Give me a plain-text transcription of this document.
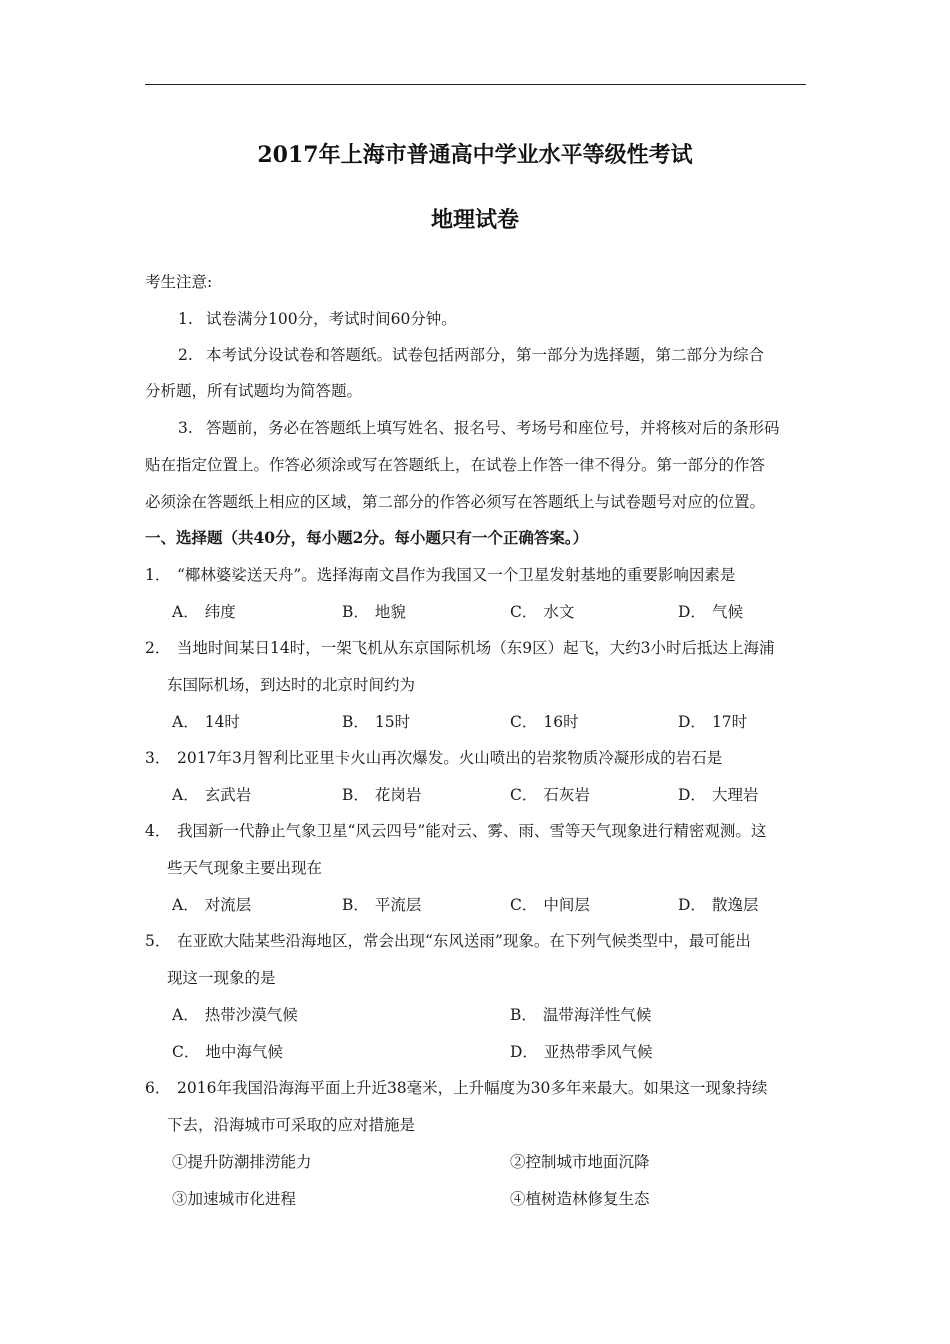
2017年上海市普通高中学业水平等级性考试
地理试卷
考生注意:
1. 试卷满分100分，考试时间60分钟。
2. 本考试分设试卷和答题纸。试卷包括两部分，第一部分为选择题，第二部分为综合
分析题，所有试题均为简答题。
3. 答题前，务必在答题纸上填写姓名、报名号、考场号和座位号，并将核对后的条形码
贴在指定位置上。作答必须涂或写在答题纸上，在试卷上作答一律不得分。第一部分的作答
必须涂在答题纸上相应的区域，第二部分的作答必须写在答题纸上与试卷题号对应的位置。
一、选择题（共40分，每小题2分。每小题只有一个正确答案。）
1． “椰林婆娑送天舟”。选择海南文昌作为我国又一个卫星发射基地的重要影响因素是
A． 纬度	B． 地貌	C． 水文	D． 气候
2． 当地时间某日14时，一架飞机从东京国际机场（东9区）起飞，大约3小时后抵达上海浦
东国际机场，到达时的北京时间约为
A． 14时	B． 15时	C． 16时	D． 17时
3． 2017年3月智利比亚里卡火山再次爆发。火山喷出的岩浆物质冷凝形成的岩石是
A． 玄武岩	B． 花岗岩	C． 石灰岩	D． 大理岩
4． 我国新一代静止气象卫星“风云四号”能对云、雾、雨、雪等天气现象进行精密观测。这
些天气现象主要出现在
A． 对流层	B． 平流层	C． 中间层	D． 散逸层
5． 在亚欧大陆某些沿海地区，常会出现“东风送雨”现象。在下列气候类型中，最可能出
现这一现象的是
A． 热带沙漠气候	B． 温带海洋性气候
C． 地中海气候	D． 亚热带季风气候
6． 2016年我国沿海海平面上升近38毫米，上升幅度为30多年来最大。如果这一现象持续
下去，沿海城市可采取的应对措施是
①提升防潮排涝能力	②控制城市地面沉降
③加速城市化进程	④植树造林修复生态
